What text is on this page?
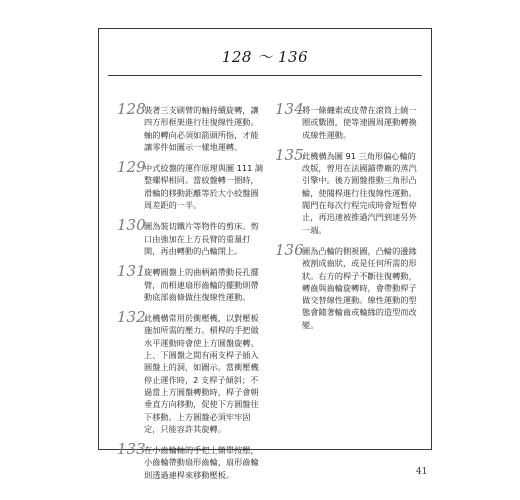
128 ～ 136
128
裝著三支刷臂的軸持續旋轉，讓四方形框架進行往復線性運動。軸的轉向必須如箭頭所指，才能讓零件如圖示一樣地運轉。
129
中式絞盤的運作原理與圖 111 調整螺桿相同。當絞盤轉一圈時，滑輪的移動距離等於大小絞盤圓周差距的一半。
130
圖為裝切鐵片等物件的剪床。剪口由強加在上方長臂的重量打開，再由轉動的凸輪閉上。
131
旋轉圓盤上的曲柄銷帶動長孔擺臂，而相連扇形齒輪的擺動則帶動底部齒條做往復線性運動。
132
此機構常用於衝壓機，以對壓板施加所需的壓力。槓桿的手把做水平運動時會使上方圓盤旋轉。上、下圓盤之間有兩支桿子插入圓盤上的洞，如圖示。當衝壓機停止運作時，2 支桿子傾斜；不過當上方圓盤轉動時，桿子會朝垂直方向移動，促使下方圓盤往下移動。上方圓盤必須牢牢固定，只能容許其旋轉。
133
在小齒輪軸的手把上簡單按壓，小齒輪帶動扇形齒輪，扇形齒輪則透過連桿來移動壓板。
134
將一條纏索或皮帶在滾筒上繞一圈或數圈，使等速圓周運動轉換成線性運動。
135
此機構為圖 91 三角形偏心輪的改版，曾用在法國錨帶廠的蒸汽引擎中。後方圓盤推動三角形凸輪，使閥桿進行往復線性運動。閥門在每次行程完成時會短暫停止，再迅速被推過汽門到達另外一端。
136
圖為凸輪的側視圖，凸輪的邊緣被割成齒狀，或是任何所需的形狀。右方的桿子不斷往復轉動，轉齒與齒輪旋轉時，會帶動桿子做交替線性運動。線性運動的型態會隨著輪齒或輪緣的造型而改變。
41
